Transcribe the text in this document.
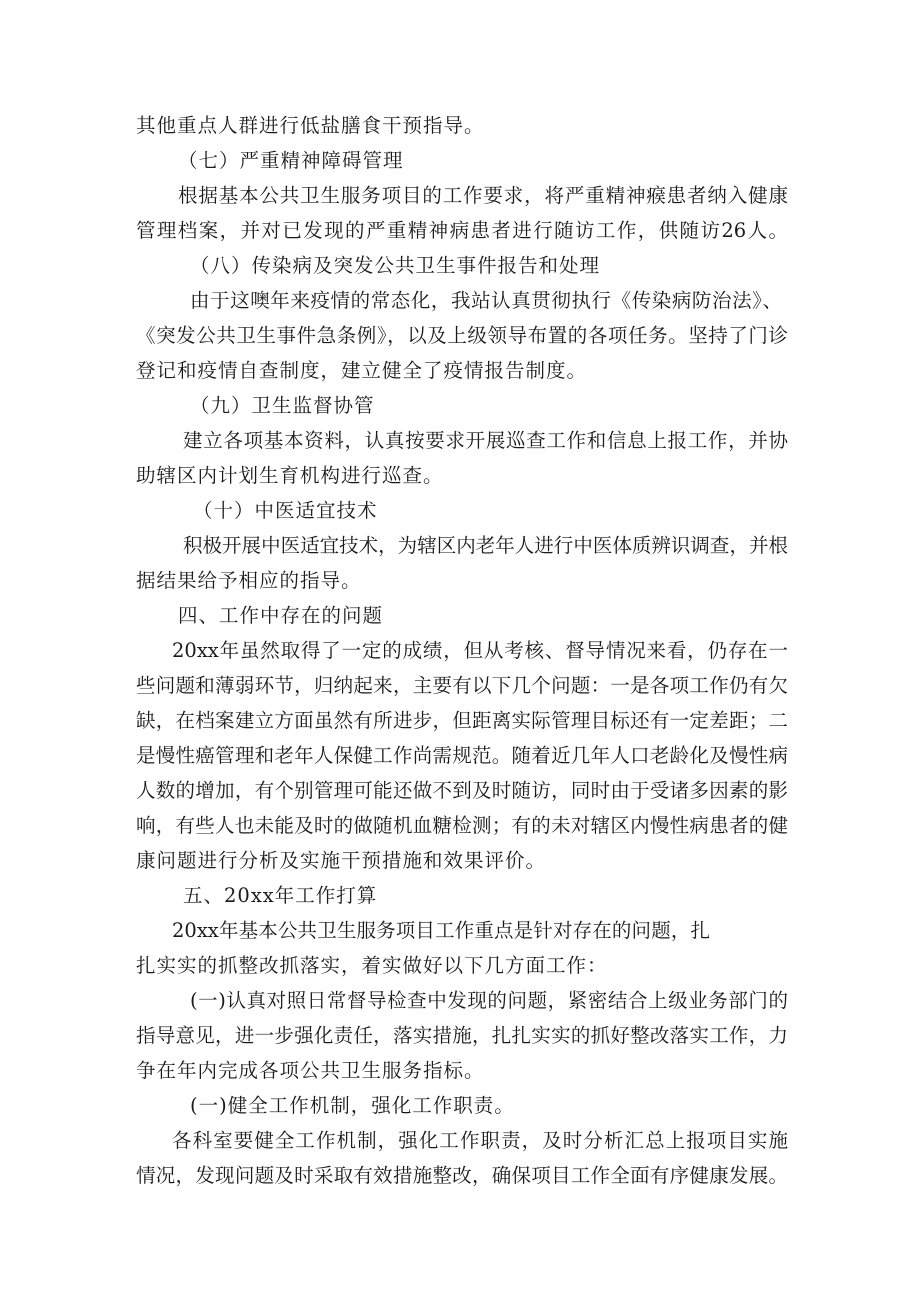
其他重点人群进行低盐膳食干预指导。
（七）严重精神障碍管理
根据基本公共卫生服务项目的工作要求，将严重精神瘊患者纳入健康
管理档案，并对已发现的严重精神病患者进行随访工作，供随访26人。
（八）传染病及突发公共卫生事件报告和处理
由于这噢年来疫情的常态化，我站认真贯彻执行《传染病防治法》、
《突发公共卫生事件急条例》，以及上级领导布置的各项任务。坚持了门诊
登记和疫情自查制度，建立健全了疫情报告制度。
（九）卫生监督协管
建立各项基本资料，认真按要求开展巡查工作和信息上报工作，并协
助辖区内计划生育机构进行巡查。
（十）中医适宜技术
积极开展中医适宜技术，为辖区内老年人进行中医体质辨识调查，并根
据结果给予相应的指导。
四、工作中存在的问题
20xx年虽然取得了一定的成绩，但从考核、督导情况来看，仍存在一
些问题和薄弱环节，归纳起来，主要有以下几个问题：一是各项工作仍有欠
缺，在档案建立方面虽然有所进步，但距离实际管理目标还有一定差距；二
是慢性癌管理和老年人保健工作尚需规范。随着近几年人口老龄化及慢性病
人数的增加，有个别管理可能还做不到及时随访，同时由于受诸多因素的影
响，有些人也未能及时的做随机血糖检测；有的未对辖区内慢性病患者的健
康问题进行分析及实施干预措施和效果评价。
五、20xx年工作打算
20xx年基本公共卫生服务项目工作重点是针对存在的问题，扎
扎实实的抓整改抓落实，着实做好以下几方面工作：
(一)认真对照日常督导检查中发现的问题，紧密结合上级业务部门的
指导意见，进一步强化责任，落实措施，扎扎实实的抓好整改落实工作，力
争在年内完成各项公共卫生服务指标。
(一)健全工作机制，强化工作职责。
各科室要健全工作机制，强化工作职责，及时分析汇总上报项目实施
情况，发现问题及时采取有效措施整改，确保项目工作全面有序健康发展。
